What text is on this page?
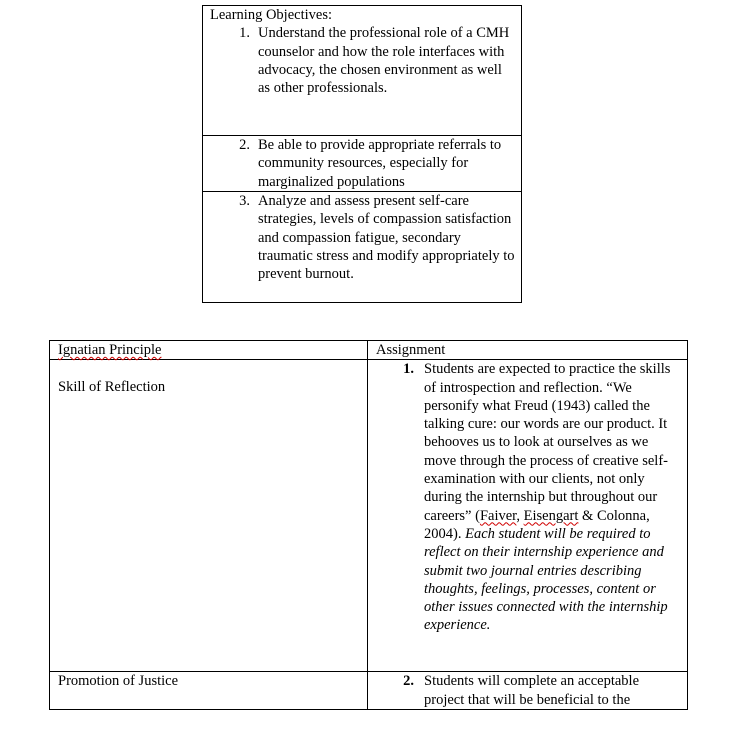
Learning Objectives:
1. Understand the professional role of a CMH counselor and how the role interfaces with advocacy, the chosen environment as well as other professionals.

2. Be able to provide appropriate referrals to community resources, especially for marginalized populations

3. Analyze and assess present self-care strategies, levels of compassion satisfaction and compassion fatigue, secondary traumatic stress and modify appropriately to prevent burnout.
Ignatian Principle	Assignment
Skill of Reflection	1. Students are expected to practice the skills of introspection and reflection. “We personify what Freud (1943) called the talking cure: our words are our product. It behooves us to look at ourselves as we move through the process of creative self-examination with our clients, not only during the internship but throughout our careers” (Faiver, Eisengart & Colonna, 2004). Each student will be required to reflect on their internship experience and submit two journal entries describing thoughts, feelings, processes, content or other issues connected with the internship experience.

Promotion of Justice	2. Students will complete an acceptable project that will be beneficial to the
